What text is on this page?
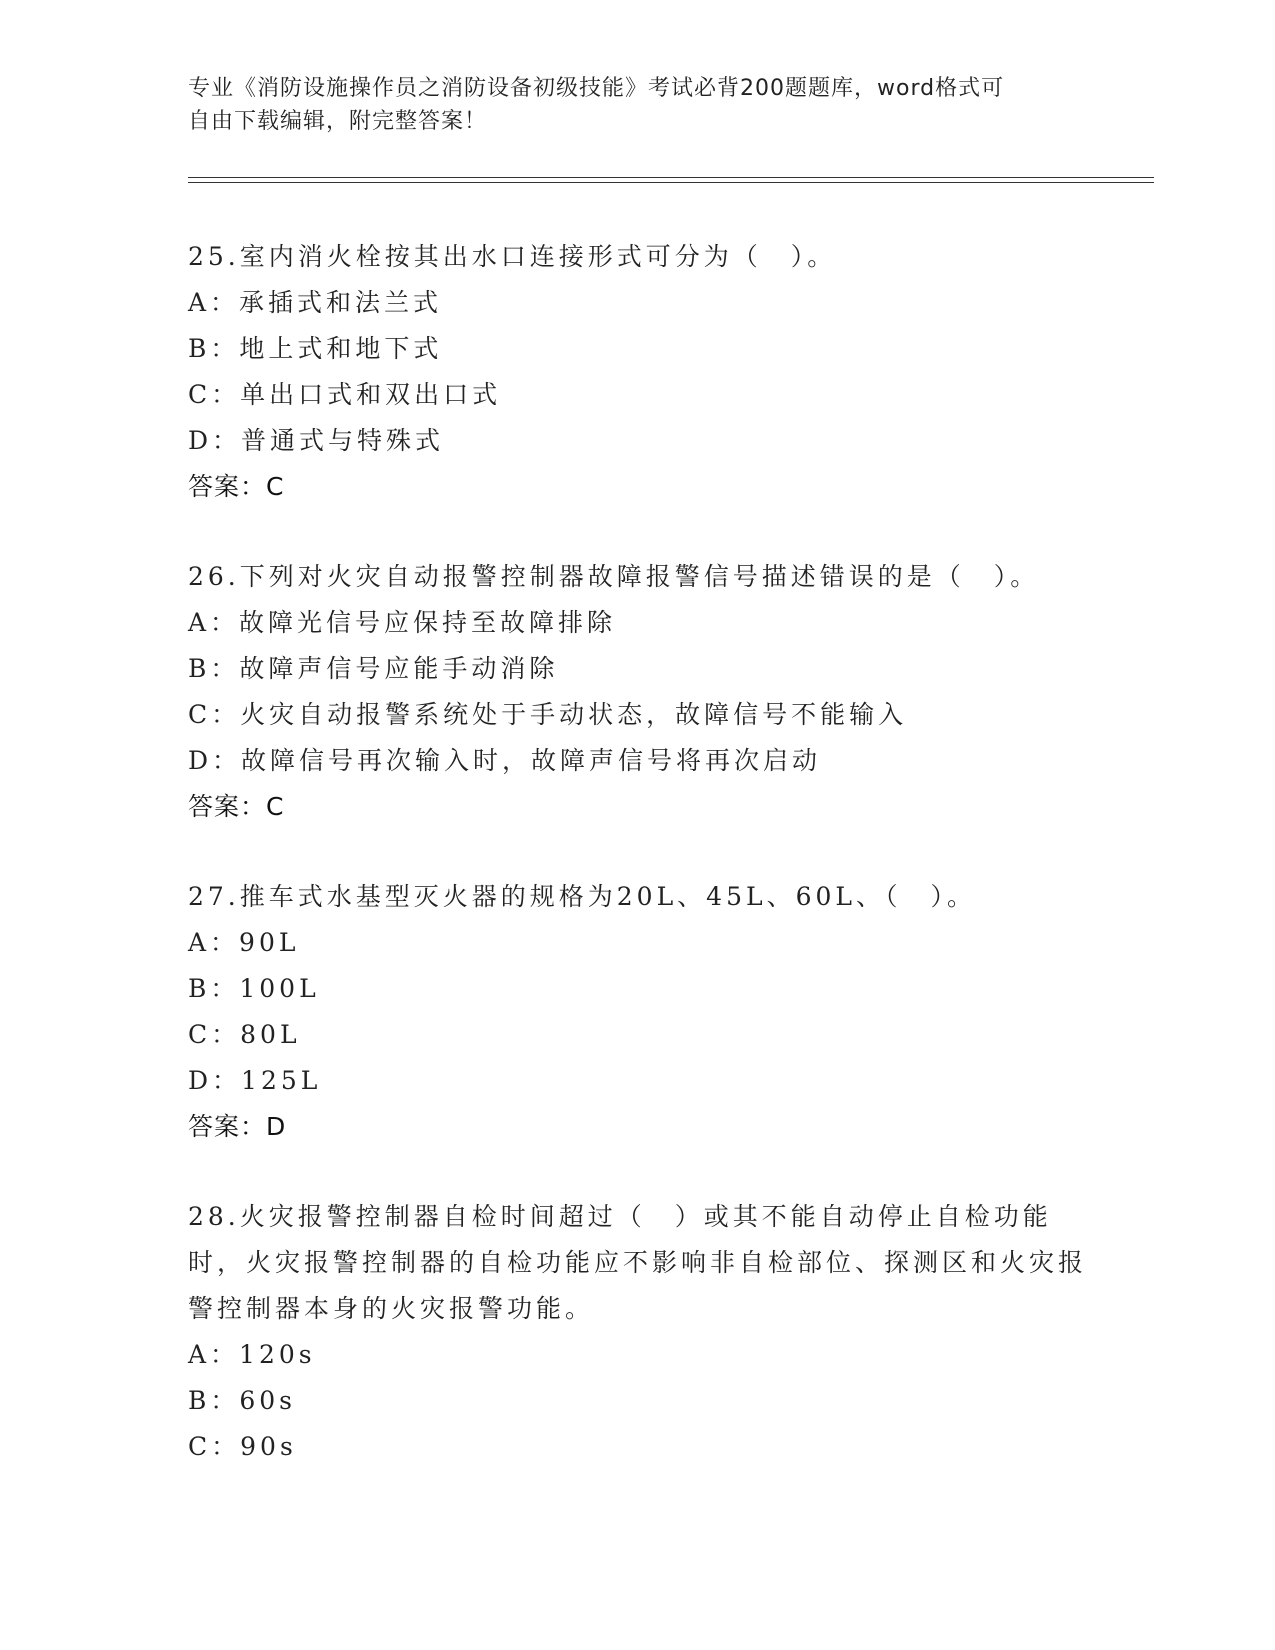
专业《消防设施操作员之消防设备初级技能》考试必背200题题库，word格式可
自由下载编辑，附完整答案！
25.室内消火栓按其出水口连接形式可分为（　）。
A：承插式和法兰式
B：地上式和地下式
C：单出口式和双出口式
D：普通式与特殊式
答案：C
26.下列对火灾自动报警控制器故障报警信号描述错误的是（　）。
A：故障光信号应保持至故障排除
B：故障声信号应能手动消除
C：火灾自动报警系统处于手动状态，故障信号不能输入
D：故障信号再次输入时，故障声信号将再次启动
答案：C
27.推车式水基型灭火器的规格为20L、45L、60L、（　）。
A：90L
B：100L
C：80L
D：125L
答案：D
28.火灾报警控制器自检时间超过（　）或其不能自动停止自检功能时，火灾报警控制器的自检功能应不影响非自检部位、探测区和火灾报警控制器本身的火灾报警功能。
A：120s
B：60s
C：90s
